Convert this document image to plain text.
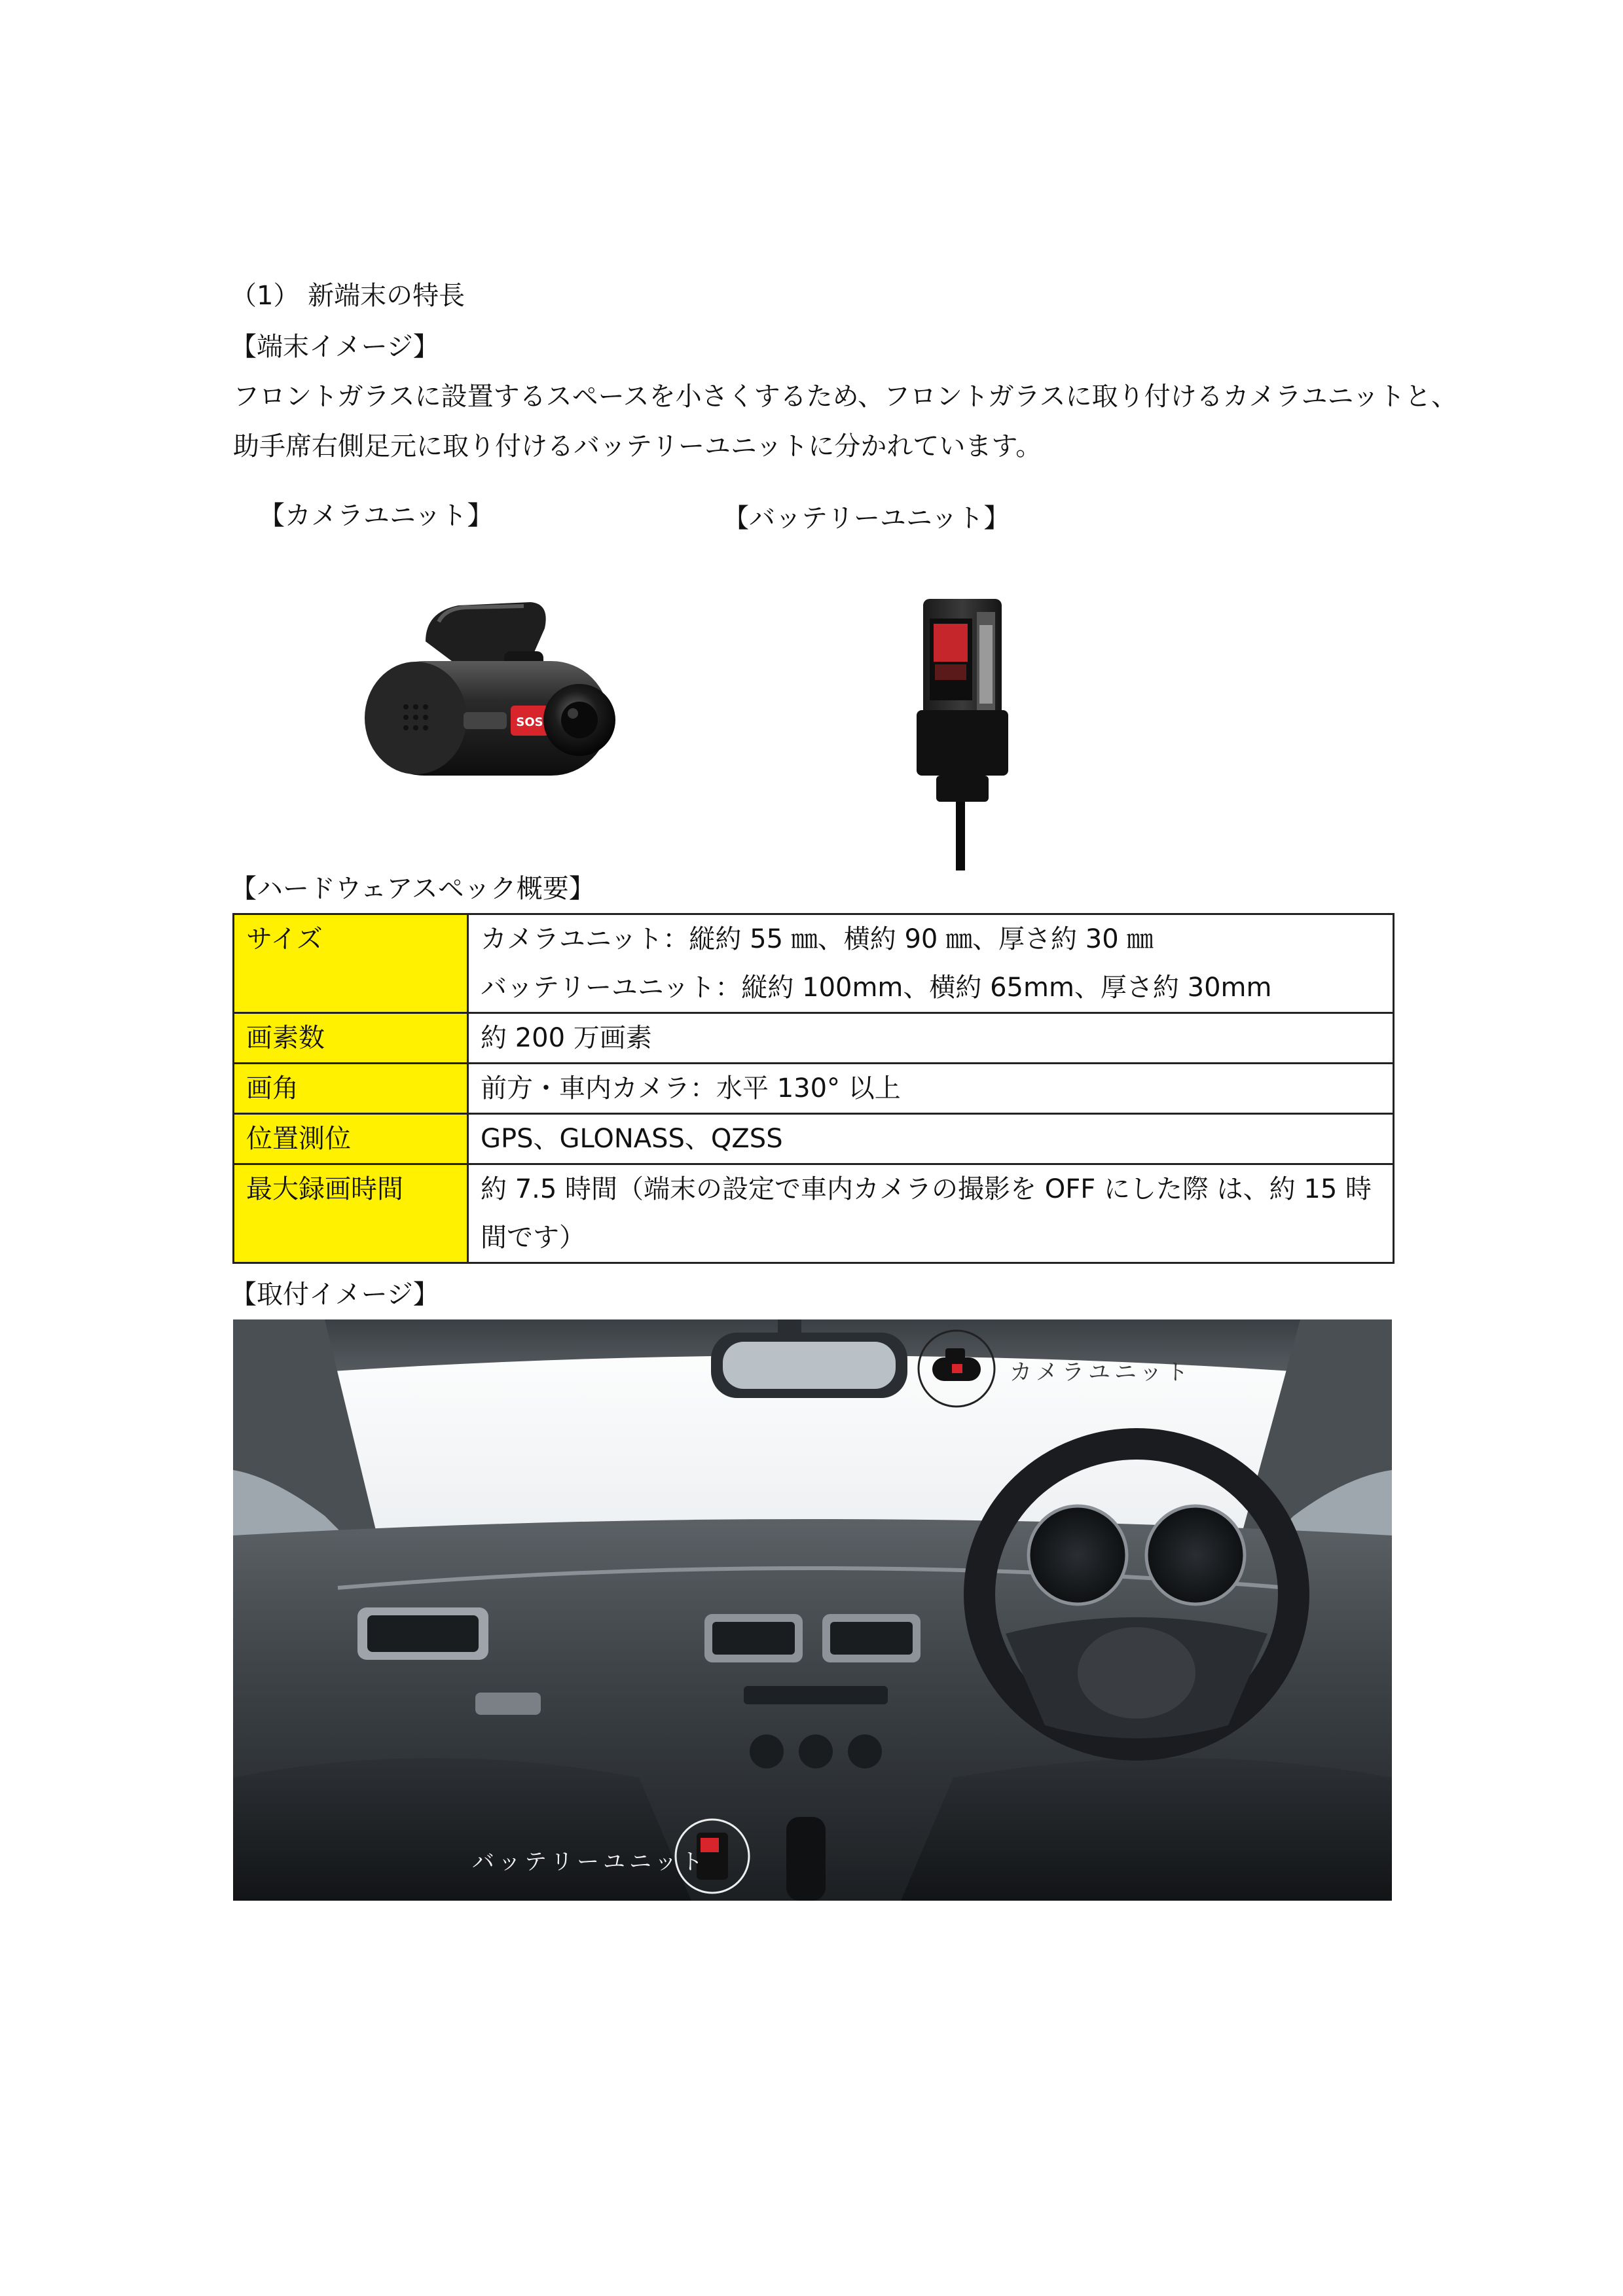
（1） 新端末の特長
【端末イメージ】
フロントガラスに設置するスペースを小さくするため、フロントガラスに取り付けるカメラユニットと、
助手席右側足元に取り付けるバッテリーユニットに分かれています。
【カメラユニット】	【バッテリーユニット】
SOS
【ハードウェアスペック概要】
サイズ	カメラユニット：縦約 55 ㎜、横約 90 ㎜、厚さ約 30 ㎜
バッテリーユニット：縦約 100mm、横約 65mm、厚さ約 30mm

画素数	約 200 万画素

画角	前方・車内カメラ：水平 130° 以上

位置測位	GPS、GLONASS、QZSS

最大録画時間	約 7.5 時間（端末の設定で車内カメラの撮影を OFF にした際 は、約 15 時
間です）
【取付イメージ】
カメラユニット
バッテリーユニット
